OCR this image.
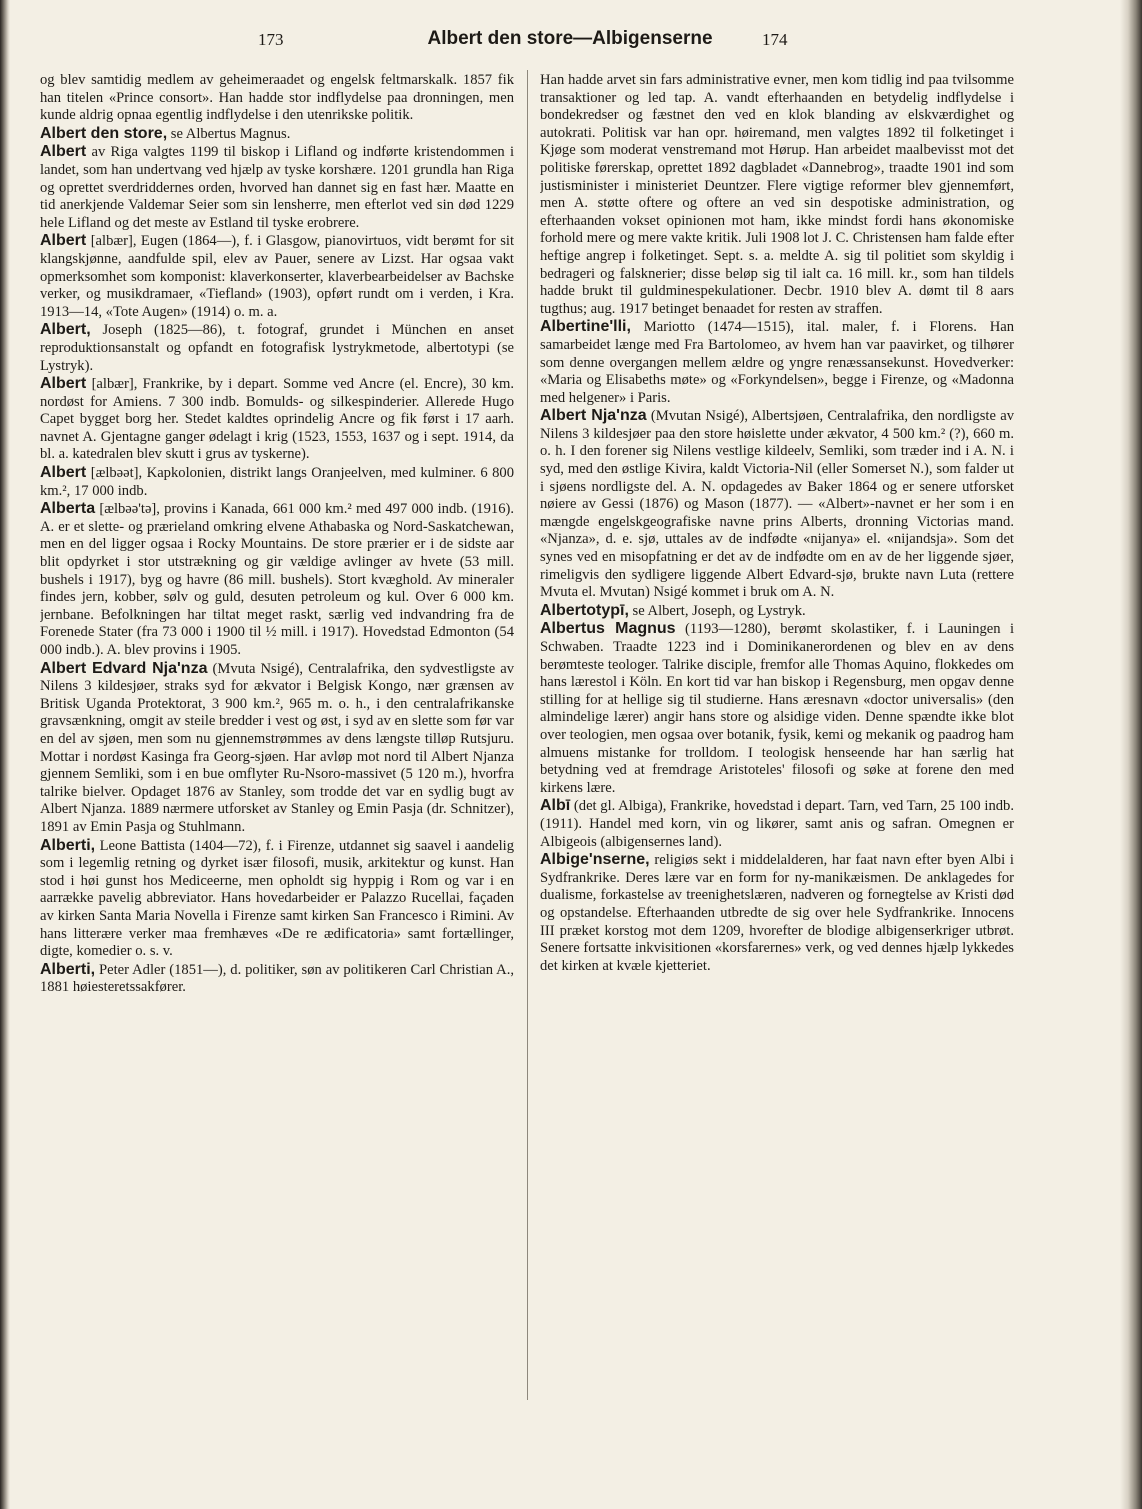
173	Albert den store—Albigenserne	174

og blev samtidig medlem av geheimeraadet og engelsk feltmarskalk. 1857 fik han titelen «Prince consort». Han hadde stor indflydelse paa dronningen, men kunde aldrig opnaa egentlig indflydelse i den utenrikske politik.

Albert den store, se Albertus Magnus.

Albert av Riga valgtes 1199 til biskop i Lifland og indførte kristendommen i landet, som han undertvang ved hjælp av tyske korshære. 1201 grundla han Riga og oprettet sverdriddernes orden, hvorved han dannet sig en fast hær. Maatte en tid anerkjende Valdemar Seier som sin lensherre, men efterlot ved sin død 1229 hele Lifland og det meste av Estland til tyske erobrere.

Albert [albær], Eugen (1864—), f. i Glasgow, pianovirtuos, vidt berømt for sit klangskjønne, aandfulde spil, elev av Pauer, senere av Lizst. Har ogsaa vakt opmerksomhet som komponist: klaverkonserter, klaverbearbeidelser av Bachske verker, og musikdramaer, «Tiefland» (1903), opført rundt om i verden, i Kra. 1913—14, «Tote Augen» (1914) o. m. a.

Albert, Joseph (1825—86), t. fotograf, grundet i München en anset reproduktionsanstalt og opfandt en fotografisk lystrykmetode, albertotypi (se Lystryk).

Albert [albær], Frankrike, by i depart. Somme ved Ancre (el. Encre), 30 km. nordøst for Amiens. 7 300 indb. Bomulds- og silkespinderier. Allerede Hugo Capet bygget borg her. Stedet kaldtes oprindelig Ancre og fik først i 17 aarh. navnet A. Gjentagne ganger ødelagt i krig (1523, 1553, 1637 og i sept. 1914, da bl. a. katedralen blev skutt i grus av tyskerne).

Albert [ælbəət], Kapkolonien, distrikt langs Oranjeelven, med kulminer. 6 800 km.², 17 000 indb.

Alberta [ælbəə'tə], provins i Kanada, 661 000 km.² med 497 000 indb. (1916). A. er et slette- og prærieland omkring elvene Athabaska og Nord-Saskatchewan, men en del ligger ogsaa i Rocky Mountains. De store prærier er i de sidste aar blit opdyrket i stor utstrækning og gir vældige avlinger av hvete (53 mill. bushels i 1917), byg og havre (86 mill. bushels). Stort kvæghold. Av mineraler findes jern, kobber, sølv og guld, desuten petroleum og kul. Over 6 000 km. jernbane. Befolkningen har tiltat meget raskt, særlig ved indvandring fra de Forenede Stater (fra 73 000 i 1900 til ½ mill. i 1917). Hovedstad Edmonton (54 000 indb.). A. blev provins i 1905.

Albert Edvard Nja'nza (Mvuta Nsigé), Centralafrika, den sydvestligste av Nilens 3 kildesjøer, straks syd for ækvator i Belgisk Kongo, nær grænsen av Britisk Uganda Protektorat, 3 900 km.², 965 m. o. h., i den centralafrikanske gravsænkning, omgit av steile bredder i vest og øst, i syd av en slette som før var en del av sjøen, men som nu gjennemstrømmes av dens længste tilløp Rutsjuru. Mottar i nordøst Kasinga fra Georg-sjøen. Har avløp mot nord til Albert Njanza gjennem Semliki, som i en bue omflyter Ru-Nsoro-massivet (5 120 m.), hvorfra talrike bielver. Opdaget 1876 av Stanley, som trodde det var en sydlig bugt av Albert Njanza. 1889 nærmere utforsket av Stanley og Emin Pasja (dr. Schnitzer), 1891 av Emin Pasja og Stuhlmann.

Alberti, Leone Battista (1404—72), f. i Firenze, utdannet sig saavel i aandelig som i legemlig retning og dyrket især filosofi, musik, arkitektur og kunst. Han stod i høi gunst hos Mediceerne, men opholdt sig hyppig i Rom og var i en aarrække pavelig abbreviator. Hans hovedarbeider er Palazzo Rucellai, façaden av kirken Santa Maria Novella i Firenze samt kirken San Francesco i Rimini. Av hans litterære verker maa fremhæves «De re ædificatoria» samt fortællinger, digte, komedier o. s. v.

Alberti, Peter Adler (1851—), d. politiker, søn av politikeren Carl Christian A., 1881 høiesteretssakfører.

Han hadde arvet sin fars administrative evner, men kom tidlig ind paa tvilsomme transaktioner og led tap. A. vandt efterhaanden en betydelig indflydelse i bondekredser og fæstnet den ved en klok blanding av elskværdighet og autokrati. Politisk var han opr. høiremand, men valgtes 1892 til folketinget i Kjøge som moderat venstremand mot Hørup. Han arbeidet maalbevisst mot det politiske førerskap, oprettet 1892 dagbladet «Dannebrog», traadte 1901 ind som justisminister i ministeriet Deuntzer. Flere vigtige reformer blev gjennemført, men A. støtte oftere og oftere an ved sin despotiske administration, og efterhaanden vokset opinionen mot ham, ikke mindst fordi hans økonomiske forhold mere og mere vakte kritik. Juli 1908 lot J. C. Christensen ham falde efter heftige angrep i folketinget. Sept. s. a. meldte A. sig til politiet som skyldig i bedrageri og falsknerier; disse beløp sig til ialt ca. 16 mill. kr., som han tildels hadde brukt til guldminespekulationer. Decbr. 1910 blev A. dømt til 8 aars tugthus; aug. 1917 betinget benaadet for resten av straffen.

Albertine'lli, Mariotto (1474—1515), ital. maler, f. i Florens. Han samarbeidet længe med Fra Bartolomeo, av hvem han var paavirket, og tilhører som denne overgangen mellem ældre og yngre renæssansekunst. Hovedverker: «Maria og Elisabeths møte» og «Forkyndelsen», begge i Firenze, og «Madonna med helgener» i Paris.

Albert Nja'nza (Mvutan Nsigé), Albertsjøen, Centralafrika, den nordligste av Nilens 3 kildesjøer paa den store høislette under ækvator, 4 500 km.² (?), 660 m. o. h. I den forener sig Nilens vestlige kildeelv, Semliki, som træder ind i A. N. i syd, med den østlige Kivira, kaldt Victoria-Nil (eller Somerset N.), som falder ut i sjøens nordligste del. A. N. opdagedes av Baker 1864 og er senere utforsket nøiere av Gessi (1876) og Mason (1877). — «Albert»-navnet er her som i en mængde engelskgeografiske navne prins Alberts, dronning Victorias mand. «Njanza», d. e. sjø, uttales av de indfødte «nijanya» el. «nijandsja». Som det synes ved en misopfatning er det av de indfødte om en av de her liggende sjøer, rimeligvis den sydligere liggende Albert Edvard-sjø, brukte navn Luta (rettere Mvuta el. Mvutan) Nsigé kommet i bruk om A. N.

Albertotypī, se Albert, Joseph, og Lystryk.

Albertus Magnus (1193—1280), berømt skolastiker, f. i Launingen i Schwaben. Traadte 1223 ind i Dominikanerordenen og blev en av dens berømteste teologer. Talrike disciple, fremfor alle Thomas Aquino, flokkedes om hans lærestol i Köln. En kort tid var han biskop i Regensburg, men opgav denne stilling for at hellige sig til studierne. Hans æresnavn «doctor universalis» (den almindelige lærer) angir hans store og alsidige viden. Denne spændte ikke blot over teologien, men ogsaa over botanik, fysik, kemi og mekanik og paadrog ham almuens mistanke for trolldom. I teologisk henseende har han særlig hat betydning ved at fremdrage Aristoteles' filosofi og søke at forene den med kirkens lære.

Albī (det gl. Albiga), Frankrike, hovedstad i depart. Tarn, ved Tarn, 25 100 indb. (1911). Handel med korn, vin og likører, samt anis og safran. Omegnen er Albigeois (albigensernes land).

Albige'nserne, religiøs sekt i middelalderen, har faat navn efter byen Albi i Sydfrankrike. Deres lære var en form for ny-manikæismen. De anklagedes for dualisme, forkastelse av treenighetslæren, nadveren og fornegtelse av Kristi død og opstandelse. Efterhaanden utbredte de sig over hele Sydfrankrike. Innocens III præket korstog mot dem 1209, hvorefter de blodige albigenserkriger utbrøt. Senere fortsatte inkvisitionen «korsfarernes» verk, og ved dennes hjælp lykkedes det kirken at kvæle kjetteriet.
